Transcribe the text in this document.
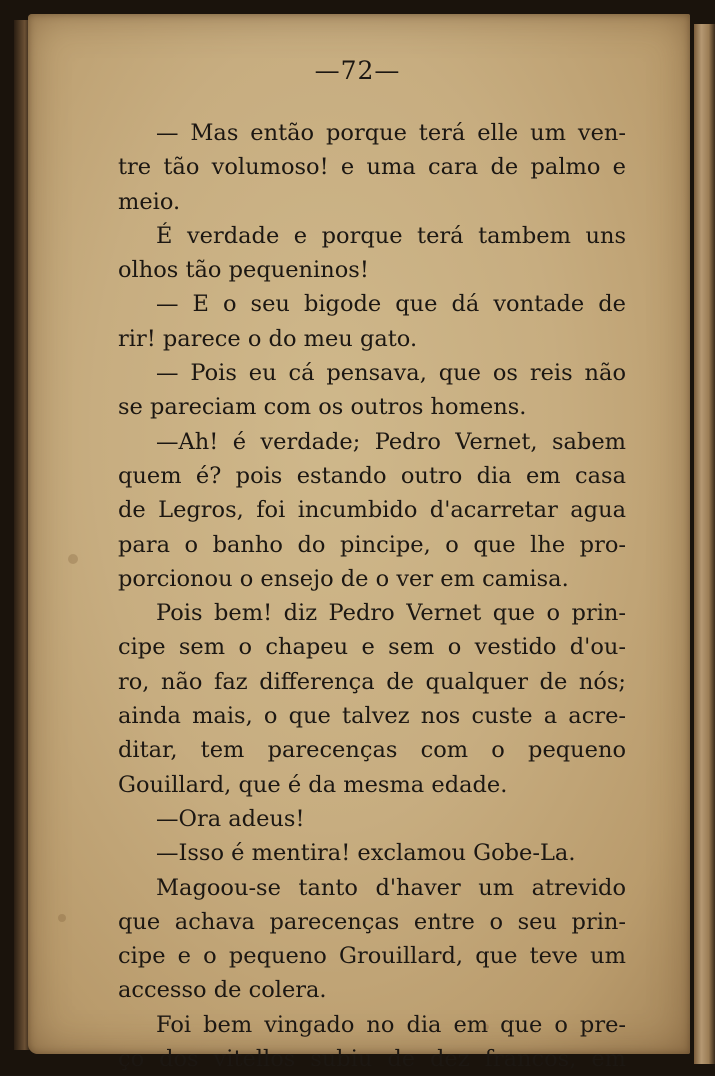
—72—
— Mas então porque terá elle um ven-
tre tão volumoso! e uma cara de palmo e
meio.
É verdade e porque terá tambem uns
olhos tão pequeninos!
— E o seu bigode que dá vontade de
rir! parece o do meu gato.
— Pois eu cá pensava, que os reis não
se pareciam com os outros homens.
—Ah! é verdade; Pedro Vernet, sabem
quem é? pois estando outro dia em casa
de Legros, foi incumbido d'acarretar agua
para o banho do pincipe, o que lhe pro-
porcionou o ensejo de o ver em camisa.
Pois bem! diz Pedro Vernet que o prin-
cipe sem o chapeu e sem o vestido d'ou-
ro, não faz differença de qualquer de nós;
ainda mais, o que talvez nos custe a acre-
ditar, tem parecenças com o pequeno
Gouillard, que é da mesma edade.
—Ora adeus!
—Isso é mentira! exclamou Gobe-La.
Magoou-se tanto d'haver um atrevido
que achava parecenças entre o seu prin-
cipe e o pequeno Grouillard, que teve um
accesso de colera.
Foi bem vingado no dia em que o pre-
ço dos vitellos subiu de dez francos, em
